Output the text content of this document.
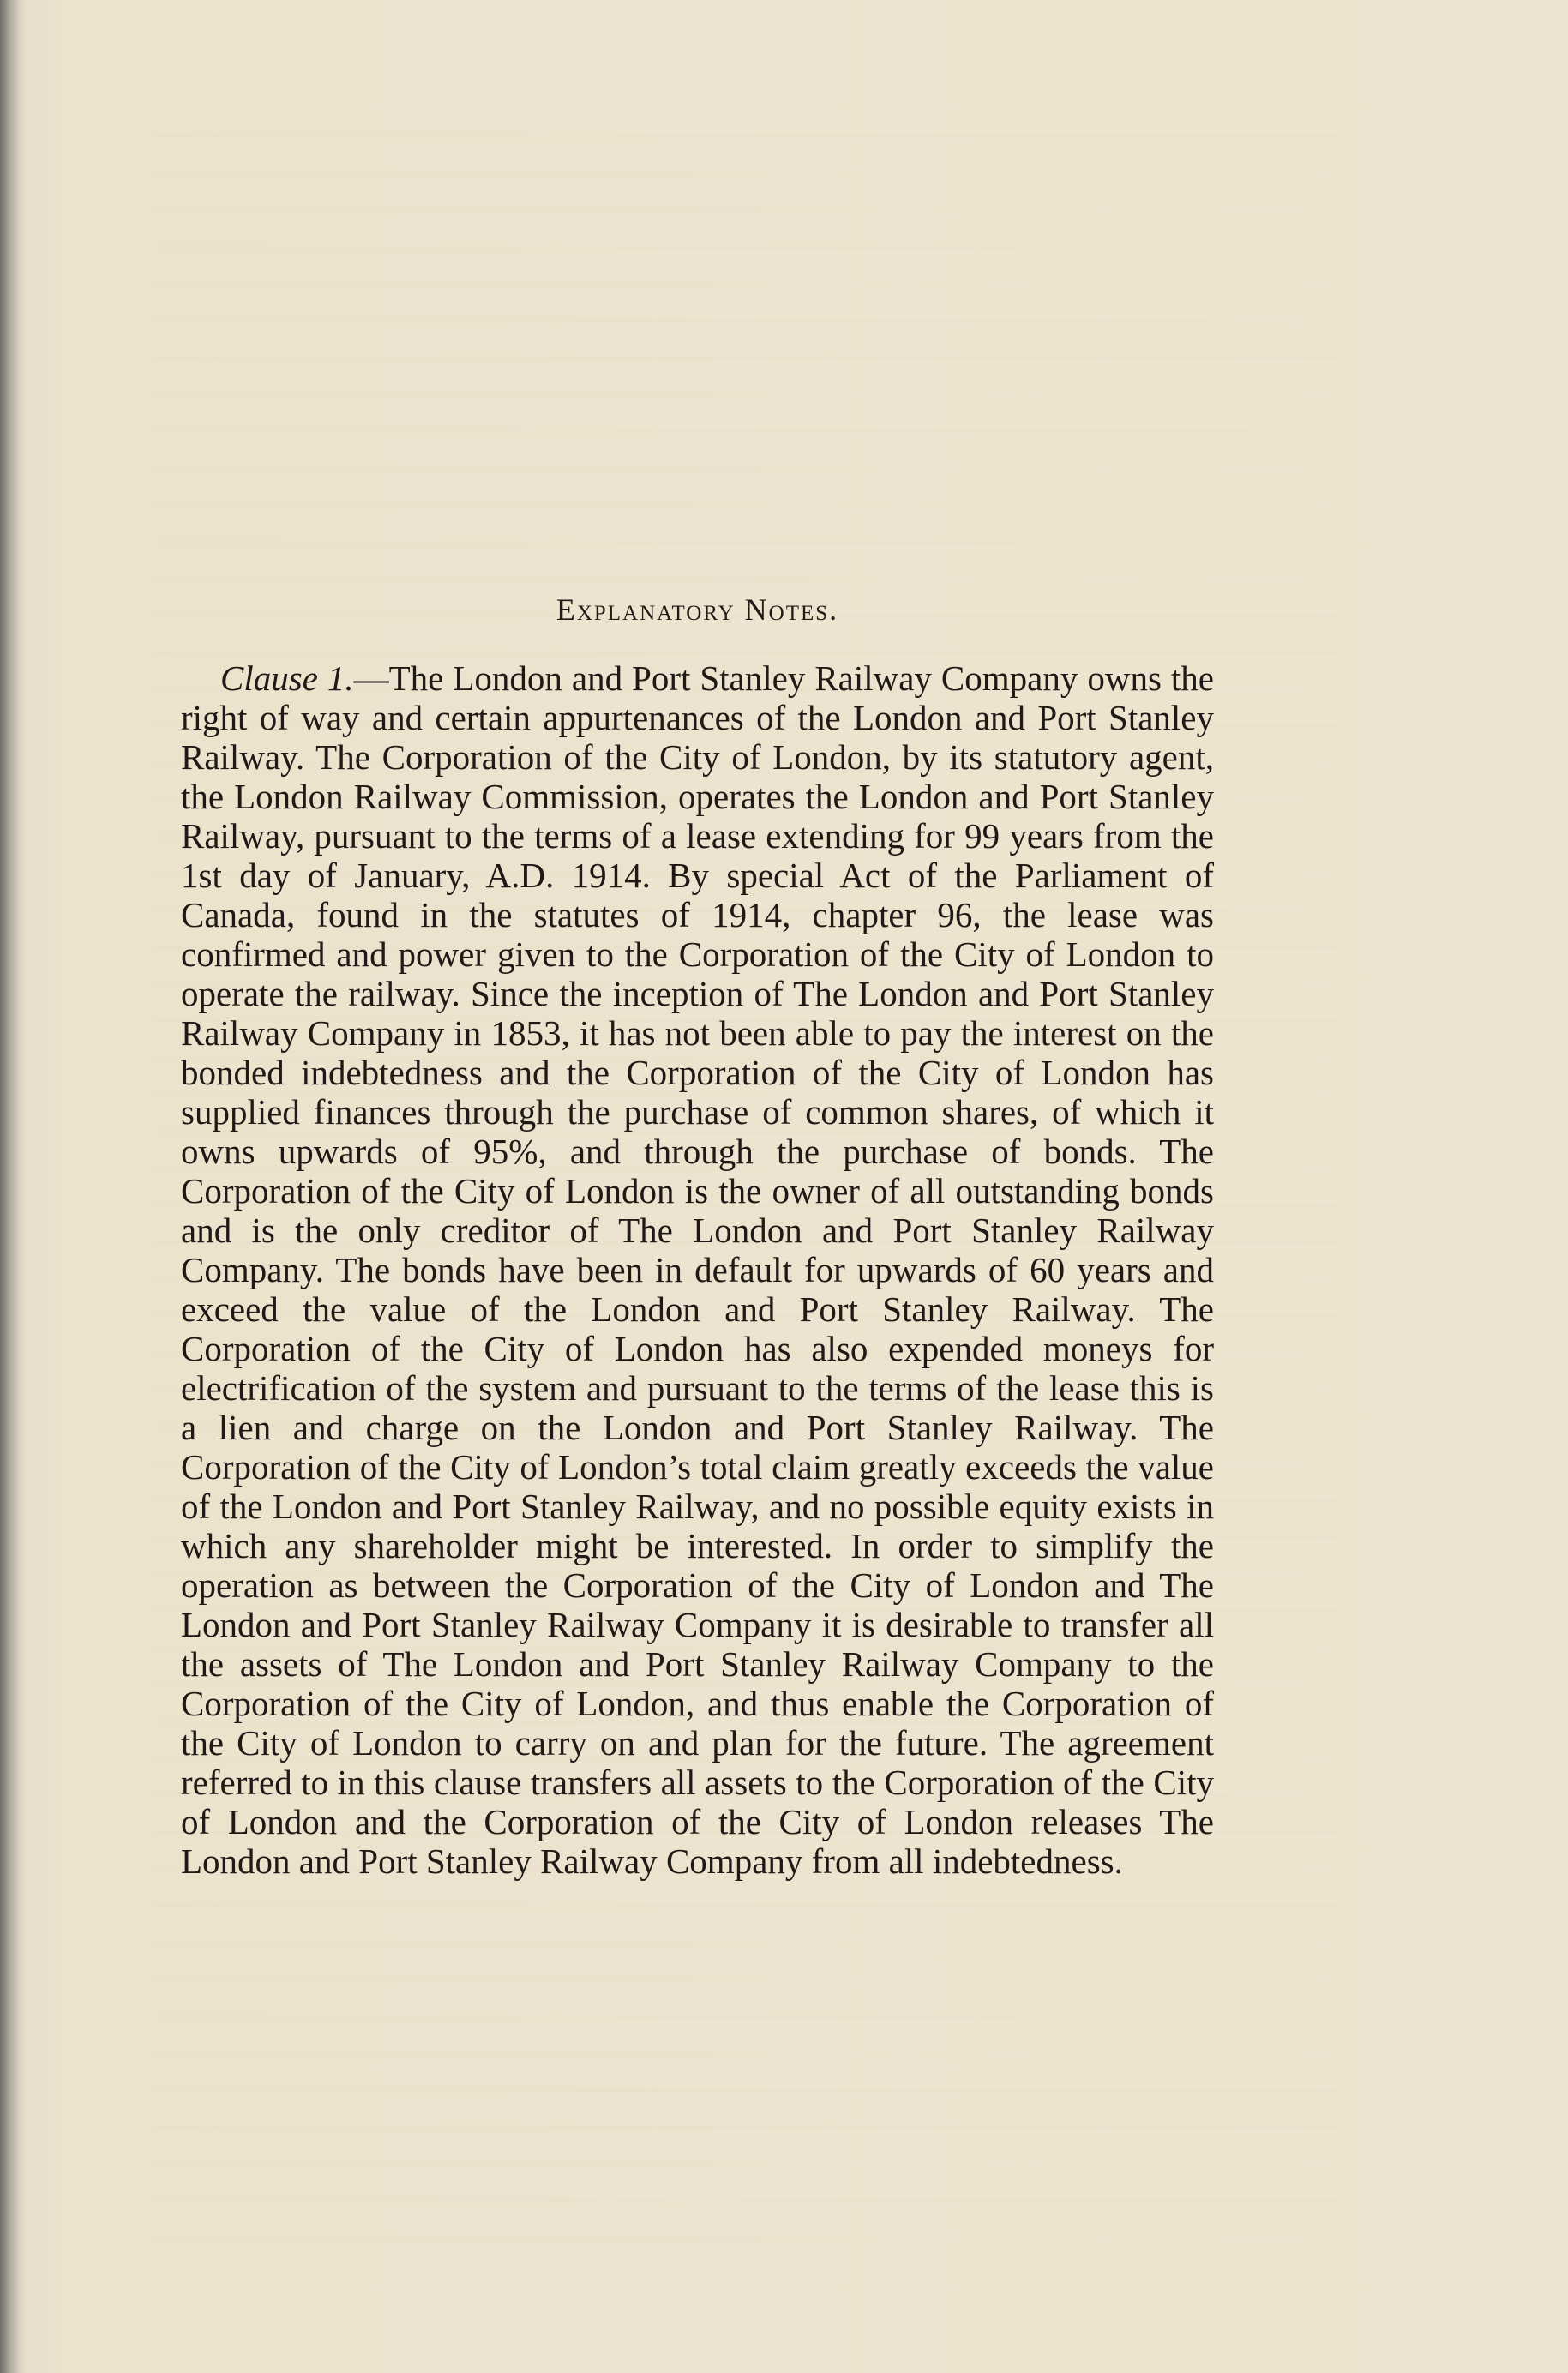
Explanatory Notes.

Clause 1.—The London and Port Stanley Railway Company owns the right of way and certain appurtenances of the London and Port Stanley Railway. The Corporation of the City of London, by its statutory agent, the London Railway Commission, operates the London and Port Stanley Railway, pursuant to the terms of a lease extending for 99 years from the 1st day of January, A.D. 1914. By special Act of the Parliament of Canada, found in the statutes of 1914, chapter 96, the lease was confirmed and power given to the Corporation of the City of London to operate the railway. Since the inception of The London and Port Stanley Railway Company in 1853, it has not been able to pay the interest on the bonded indebtedness and the Corporation of the City of London has supplied finances through the purchase of common shares, of which it owns upwards of 95%, and through the purchase of bonds. The Corporation of the City of London is the owner of all outstanding bonds and is the only creditor of The London and Port Stanley Railway Company. The bonds have been in default for upwards of 60 years and exceed the value of the London and Port Stanley Railway. The Corporation of the City of London has also expended moneys for electrification of the system and pursuant to the terms of the lease this is a lien and charge on the London and Port Stanley Railway. The Corporation of the City of London’s total claim greatly exceeds the value of the London and Port Stanley Railway, and no possible equity exists in which any shareholder might be interested. In order to simplify the operation as between the Corporation of the City of London and The London and Port Stanley Railway Company it is desirable to transfer all the assets of The London and Port Stanley Railway Company to the Corporation of the City of London, and thus enable the Corporation of the City of London to carry on and plan for the future. The agreement referred to in this clause transfers all assets to the Corporation of the City of London and the Corporation of the City of London releases The London and Port Stanley Railway Company from all indebtedness.
